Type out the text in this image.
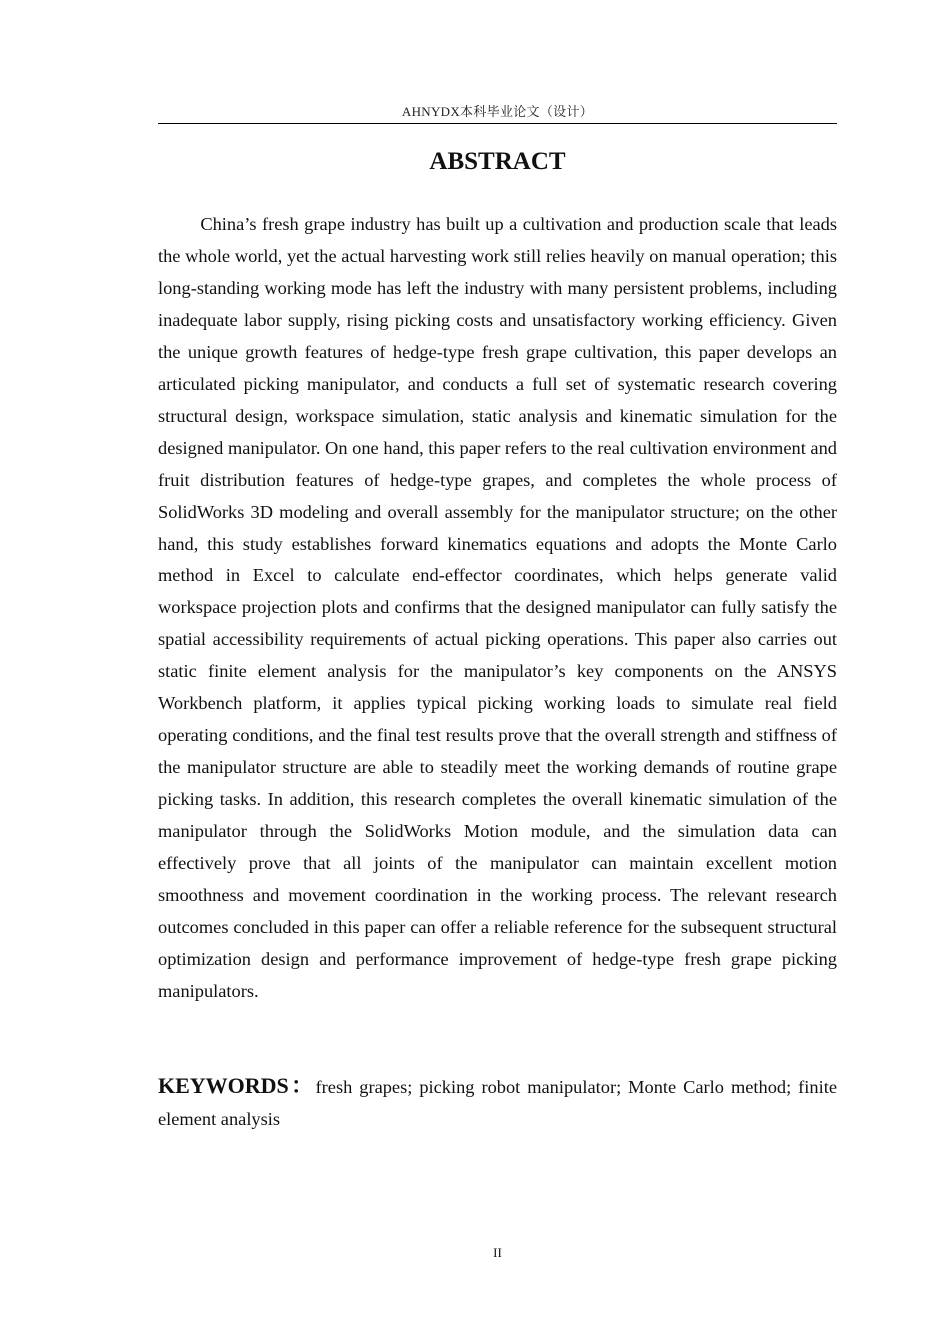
AHNYDX本科毕业论文（设计）
ABSTRACT

China’s fresh grape industry has built up a cultivation and production scale that leads the whole world, yet the actual harvesting work still relies heavily on manual operation; this long-standing working mode has left the industry with many persistent problems, including inadequate labor supply, rising picking costs and unsatisfactory working efficiency. Given the unique growth features of hedge-type fresh grape cultivation, this paper develops an articulated picking manipulator, and conducts a full set of systematic research covering structural design, workspace simulation, static analysis and kinematic simulation for the designed manipulator. On one hand, this paper refers to the real cultivation environment and fruit distribution features of hedge-type grapes, and completes the whole process of SolidWorks 3D modeling and overall assembly for the manipulator structure; on the other hand, this study establishes forward kinematics equations and adopts the Monte Carlo method in Excel to calculate end-effector coordinates, which helps generate valid workspace projection plots and confirms that the designed manipulator can fully satisfy the spatial accessibility requirements of actual picking operations. This paper also carries out static finite element analysis for the manipulator’s key components on the ANSYS Workbench platform, it applies typical picking working loads to simulate real field operating conditions, and the final test results prove that the overall strength and stiffness of the manipulator structure are able to steadily meet the working demands of routine grape picking tasks. In addition, this research completes the overall kinematic simulation of the manipulator through the SolidWorks Motion module, and the simulation data can effectively prove that all joints of the manipulator can maintain excellent motion smoothness and movement coordination in the working process. The relevant research outcomes concluded in this paper can offer a reliable reference for the subsequent structural optimization design and performance improvement of hedge-type fresh grape picking manipulators.

KEYWORDS：fresh grapes; picking robot manipulator; Monte Carlo method; finite element analysis

II
